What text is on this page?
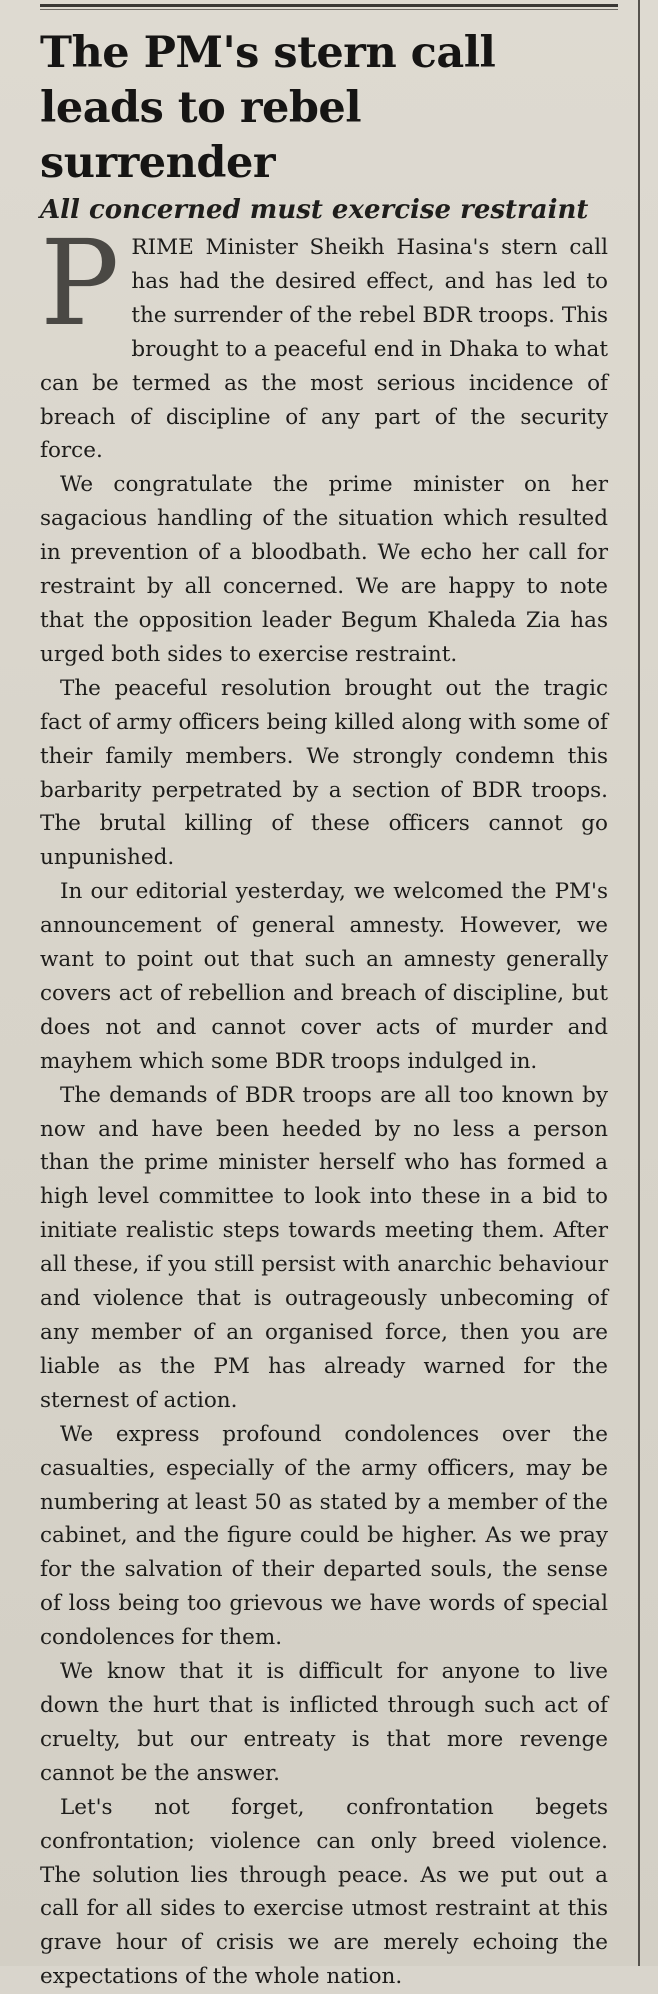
The PM's stern call leads to rebel surrender
All concerned must exercise restraint

PRIME Minister Sheikh Hasina's stern call has had the desired effect, and has led to the surrender of the rebel BDR troops. This brought to a peaceful end in Dhaka to what can be termed as the most serious incidence of breach of discipline of any part of the security force.

We congratulate the prime minister on her sagacious handling of the situation which resulted in prevention of a bloodbath. We echo her call for restraint by all concerned. We are happy to note that the opposition leader Begum Khaleda Zia has urged both sides to exercise restraint.

The peaceful resolution brought out the tragic fact of army officers being killed along with some of their family members. We strongly condemn this barbarity perpetrated by a section of BDR troops. The brutal killing of these officers cannot go unpunished.

In our editorial yesterday, we welcomed the PM's announcement of general amnesty. However, we want to point out that such an amnesty generally covers act of rebellion and breach of discipline, but does not and cannot cover acts of murder and mayhem which some BDR troops indulged in.

The demands of BDR troops are all too known by now and have been heeded by no less a person than the prime minister herself who has formed a high level committee to look into these in a bid to initiate realistic steps towards meeting them. After all these, if you still persist with anarchic behaviour and violence that is outrageously unbecoming of any member of an organised force, then you are liable as the PM has already warned for the sternest of action.

We express profound condolences over the casualties, especially of the army officers, may be numbering at least 50 as stated by a member of the cabinet, and the figure could be higher. As we pray for the salvation of their departed souls, the sense of loss being too grievous we have words of special condolences for them.

We know that it is difficult for anyone to live down the hurt that is inflicted through such act of cruelty, but our entreaty is that more revenge cannot be the answer.

Let's not forget, confrontation begets confrontation; violence can only breed violence. The solution lies through peace. As we put out a call for all sides to exercise utmost restraint at this grave hour of crisis we are merely echoing the expectations of the whole nation.
